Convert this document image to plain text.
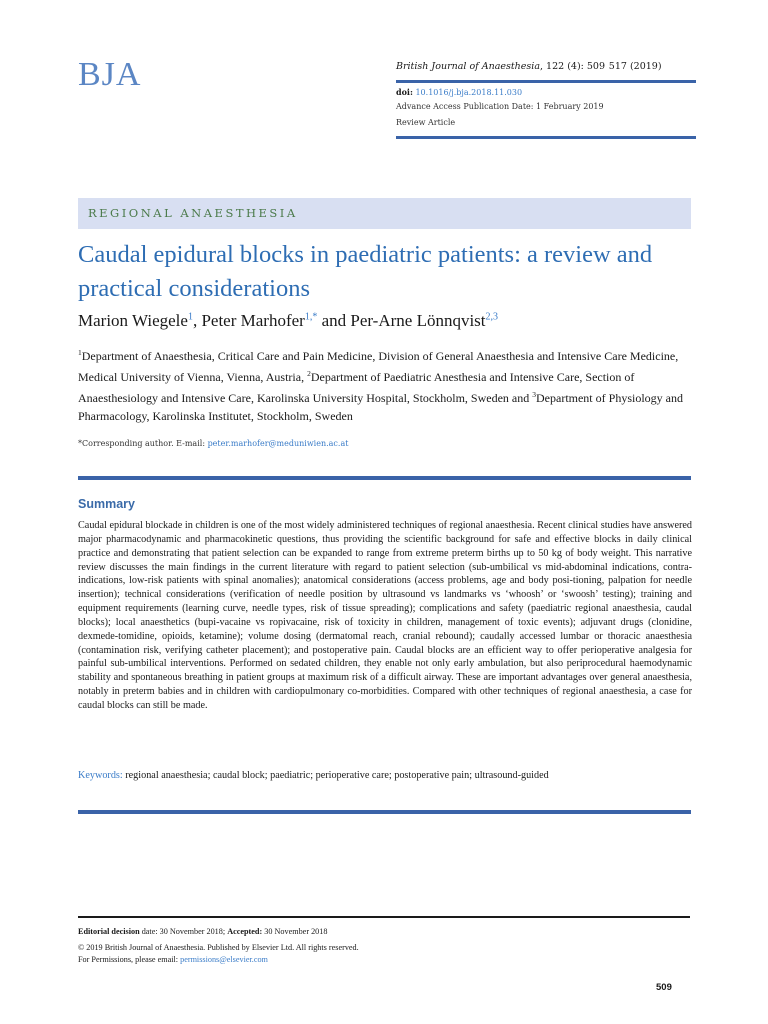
BJA	British Journal of Anaesthesia, 122 (4): 509  517 (2019)
doi: 10.1016/j.bja.2018.11.030
Advance Access Publication Date: 1 February 2019
Review Article
REGIONAL ANAESTHESIA
Caudal epidural blocks in paediatric patients: a review and practical considerations
Marion Wiegele$^1$, Peter Marhofer$^{1,*}$ and Per-Arne Lönnqvist$^{2,3}$
$^1$Department of Anaesthesia, Critical Care and Pain Medicine, Division of General Anaesthesia and Intensive Care Medicine, Medical University of Vienna, Vienna, Austria, $^2$Department of Paediatric Anesthesia and Intensive Care, Section of Anaesthesiology and Intensive Care, Karolinska University Hospital, Stockholm, Sweden and $^3$Department of Physiology and Pharmacology, Karolinska Institutet, Stockholm, Sweden
*Corresponding author. E-mail: peter.marhofer@meduniwien.ac.at
Summary
Caudal epidural blockade in children is one of the most widely administered techniques of regional anaesthesia. Recent clinical studies have answered major pharmacodynamic and pharmacokinetic questions, thus providing the scientific background for safe and effective blocks in daily clinical practice and demonstrating that patient selection can be expanded to range from extreme preterm births up to 50 kg of body weight. This narrative review discusses the main findings in the current literature with regard to patient selection (sub-umbilical vs mid-abdominal indications, contra-indications, low-risk patients with spinal anomalies); anatomical considerations (access problems, age and body posi-tioning, palpation for needle insertion); technical considerations (verification of needle position by ultrasound vs landmarks vs ‘whoosh’ or ‘swoosh’ testing); training and equipment requirements (learning curve, needle types, risk of tissue spreading); complications and safety (paediatric regional anaesthesia, caudal blocks); local anaesthetics (bupi-vacaine vs ropivacaine, risk of toxicity in children, management of toxic events); adjuvant drugs (clonidine, dexmede-tomidine, opioids, ketamine); volume dosing (dermatomal reach, cranial rebound); caudally accessed lumbar or thoracic anaesthesia (contamination risk, verifying catheter placement); and postoperative pain. Caudal blocks are an efficient way to offer perioperative analgesia for painful sub-umbilical interventions. Performed on sedated children, they enable not only early ambulation, but also periprocedural haemodynamic stability and spontaneous breathing in patient groups at maximum risk of a difficult airway. These are important advantages over general anaesthesia, notably in preterm babies and in children with cardiopulmonary co-morbidities. Compared with other techniques of regional anaesthesia, a case for caudal blocks can still be made.
Keywords: regional anaesthesia; caudal block; paediatric; perioperative care; postoperative pain; ultrasound-guided
Editorial decision date: 30 November 2018; Accepted: 30 November 2018
© 2019 British Journal of Anaesthesia. Published by Elsevier Ltd. All rights reserved.
For Permissions, please email: permissions@elsevier.com
509
